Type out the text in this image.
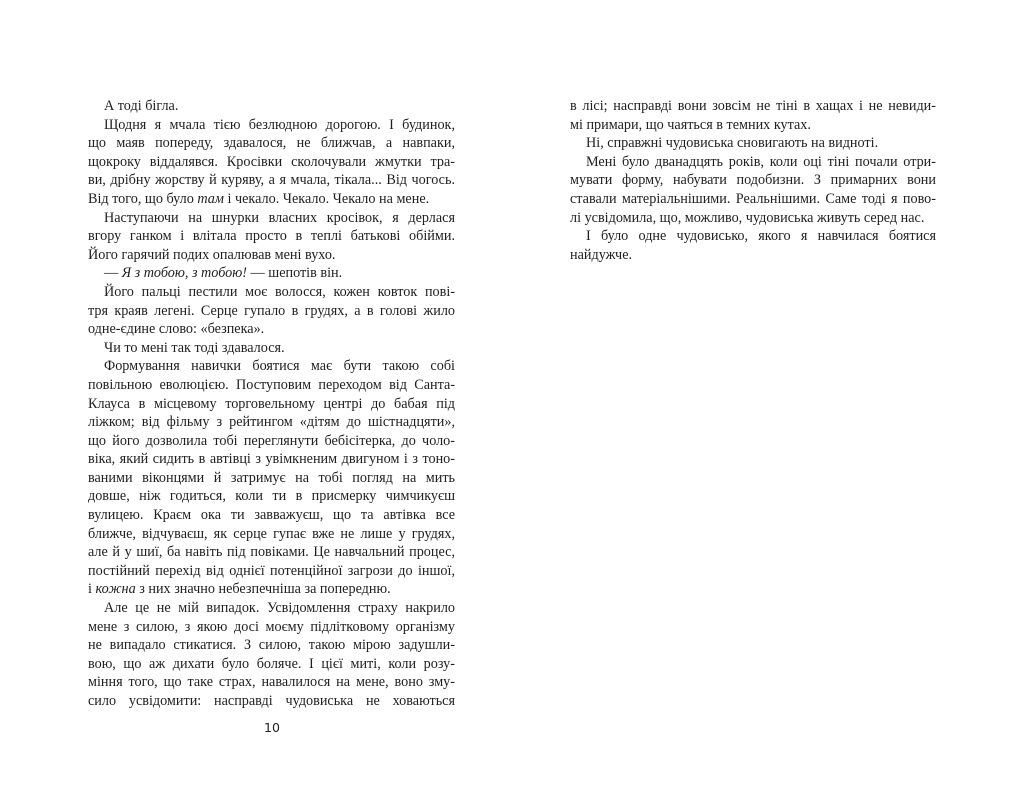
А тоді бігла.
Щодня я мчала тією безлюдною дорогою. І будинок,
що маяв попереду, здавалося, не ближчав, а навпаки,
щокроку віддалявся. Кросівки сколочували жмутки тра-
ви, дрібну жорству й куряву, а я мчала, тікала... Від чогось.
Від того, що було там і чекало. Чекало. Чекало на мене.
Наступаючи на шнурки власних кросівок, я дерлася
вгору ганком і влітала просто в теплі батькові обійми.
Його гарячий подих опалював мені вухо.
— Я з тобою, з тобою! — шепотів він.
Його пальці пестили моє волосся, кожен ковток пові-
тря краяв легені. Серце гупало в грудях, а в голові жило
одне-єдине слово: «безпека».
Чи то мені так тоді здавалося.
Формування навички боятися має бути такою собі
повільною еволюцією. Поступовим переходом від Санта-
Клауса в місцевому торговельному центрі до бабая під
ліжком; від фільму з рейтингом «дітям до шістнадцяти»,
що його дозволила тобі переглянути бебісітерка, до чоло-
віка, який сидить в автівці з увімкненим двигуном і з тоно-
ваними віконцями й затримує на тобі погляд на мить
довше, ніж годиться, коли ти в присмерку чимчикуєш
вулицею. Краєм ока ти завважуєш, що та автівка все
ближче, відчуваєш, як серце гупає вже не лише у грудях,
але й у шиї, ба навіть під повіками. Це навчальний процес,
постійний перехід від однієї потенційної загрози до іншої,
і кожна з них значно небезпечніша за попередню.
Але це не мій випадок. Усвідомлення страху накрило
мене з силою, з якою досі моєму підлітковому організму
не випадало стикатися. З силою, такою мірою задушли-
вою, що аж дихати було боляче. І цієї миті, коли розу-
міння того, що таке страх, навалилося на мене, воно зму-
сило усвідомити: насправді чудовиська не ховаються
в лісі; насправді вони зовсім не тіні в хащах і не невиди-
мі примари, що чаяться в темних кутах.
Ні, справжні чудовиська сновигають на видноті.
Мені було дванадцять років, коли оці тіні почали отри-
мувати форму, набувати подобизни. З примарних вони
ставали матеріальнішими. Реальнішими. Саме тоді я пово-
лі усвідомила, що, можливо, чудовиська живуть серед нас.
І було одне чудовисько, якого я навчилася боятися
найдужче.
10
